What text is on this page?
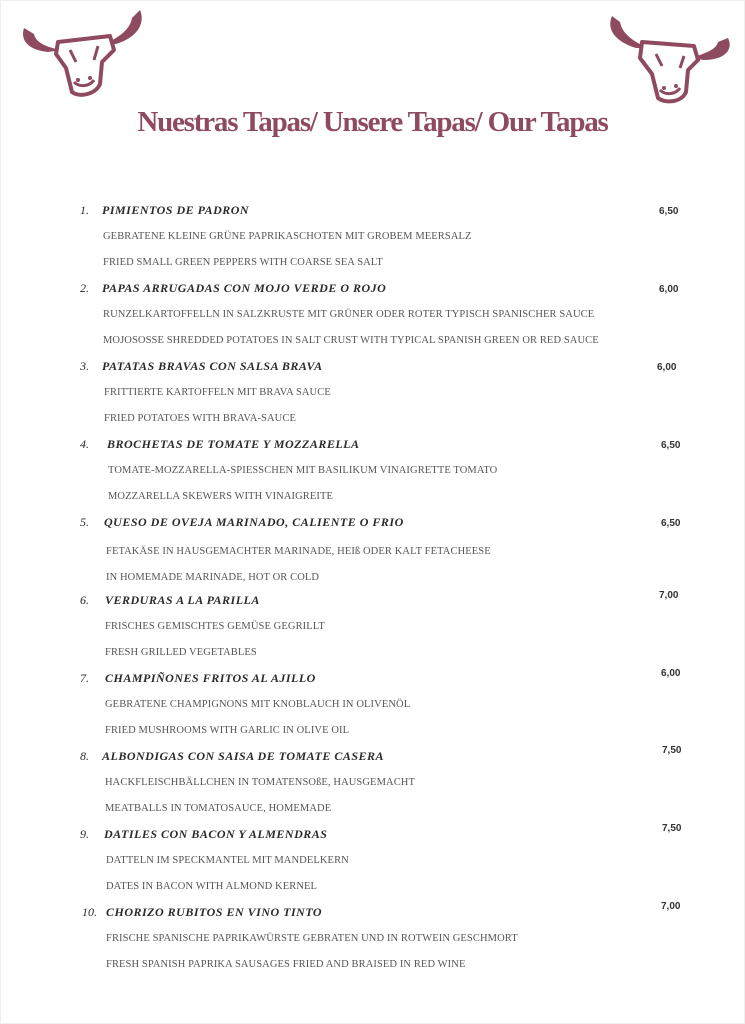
Nuestras Tapas/ Unsere Tapas/ Our Tapas
1. PIMIENTOS DE PADRON	6,50
GEBRATENE KLEINE GRÜNE PAPRIKASCHOTEN MIT GROBEM MEERSALZ
FRIED SMALL GREEN PEPPERS WITH COARSE SEA SALT
2. PAPAS ARRUGADAS CON MOJO VERDE O ROJO	6,00
RUNZELKARTOFFELLN IN SALZKRUSTE MIT GRÜNER ODER ROTER TYPISCH SPANISCHER SAUCE
MOJOSOSSE SHREDDED POTATOES IN SALT CRUST WITH TYPICAL SPANISH GREEN OR RED SAUCE
3. PATATAS BRAVAS CON SALSA BRAVA	6,00
FRITTIERTE KARTOFFELN MIT BRAVA SAUCE
FRIED POTATOES WITH BRAVA-SAUCE
4. BROCHETAS DE TOMATE Y MOZZARELLA	6,50
TOMATE-MOZZARELLA-SPIESSCHEN MIT BASILIKUM VINAIGRETTE TOMATO
MOZZARELLA SKEWERS WITH VINAIGREITE
5. QUESO DE OVEJA MARINADO, CALIENTE O FRIO	6,50
FETAKÄSE IN HAUSGEMACHTER MARINADE, HEIß ODER KALT FETACHEESE
IN HOMEMADE MARINADE, HOT OR COLD
6. VERDURAS A LA PARILLA	7,00
FRISCHES GEMISCHTES GEMÜSE GEGRILLT
FRESH GRILLED VEGETABLES
7. CHAMPIÑONES FRITOS AL AJILLO	6,00
GEBRATENE CHAMPIGNONS MIT KNOBLAUCH IN OLIVENÖL
FRIED MUSHROOMS WITH GARLIC IN OLIVE OIL
8. ALBONDIGAS CON SAISA DE TOMATE CASERA	7,50
HACKFLEISCHBÄLLCHEN IN TOMATENSOßE, HAUSGEMACHT
MEATBALLS IN TOMATOSAUCE, HOMEMADE
9. DATILES CON BACON Y ALMENDRAS	7,50
DATTELN IM SPECKMANTEL MIT MANDELKERN
DATES IN BACON WITH ALMOND KERNEL
10. CHORIZO RUBITOS EN VINO TINTO	7,00
FRISCHE SPANISCHE PAPRIKAWÜRSTE GEBRATEN UND IN ROTWEIN GESCHMORT
FRESH SPANISH PAPRIKA SAUSAGES FRIED AND BRAISED IN RED WINE
